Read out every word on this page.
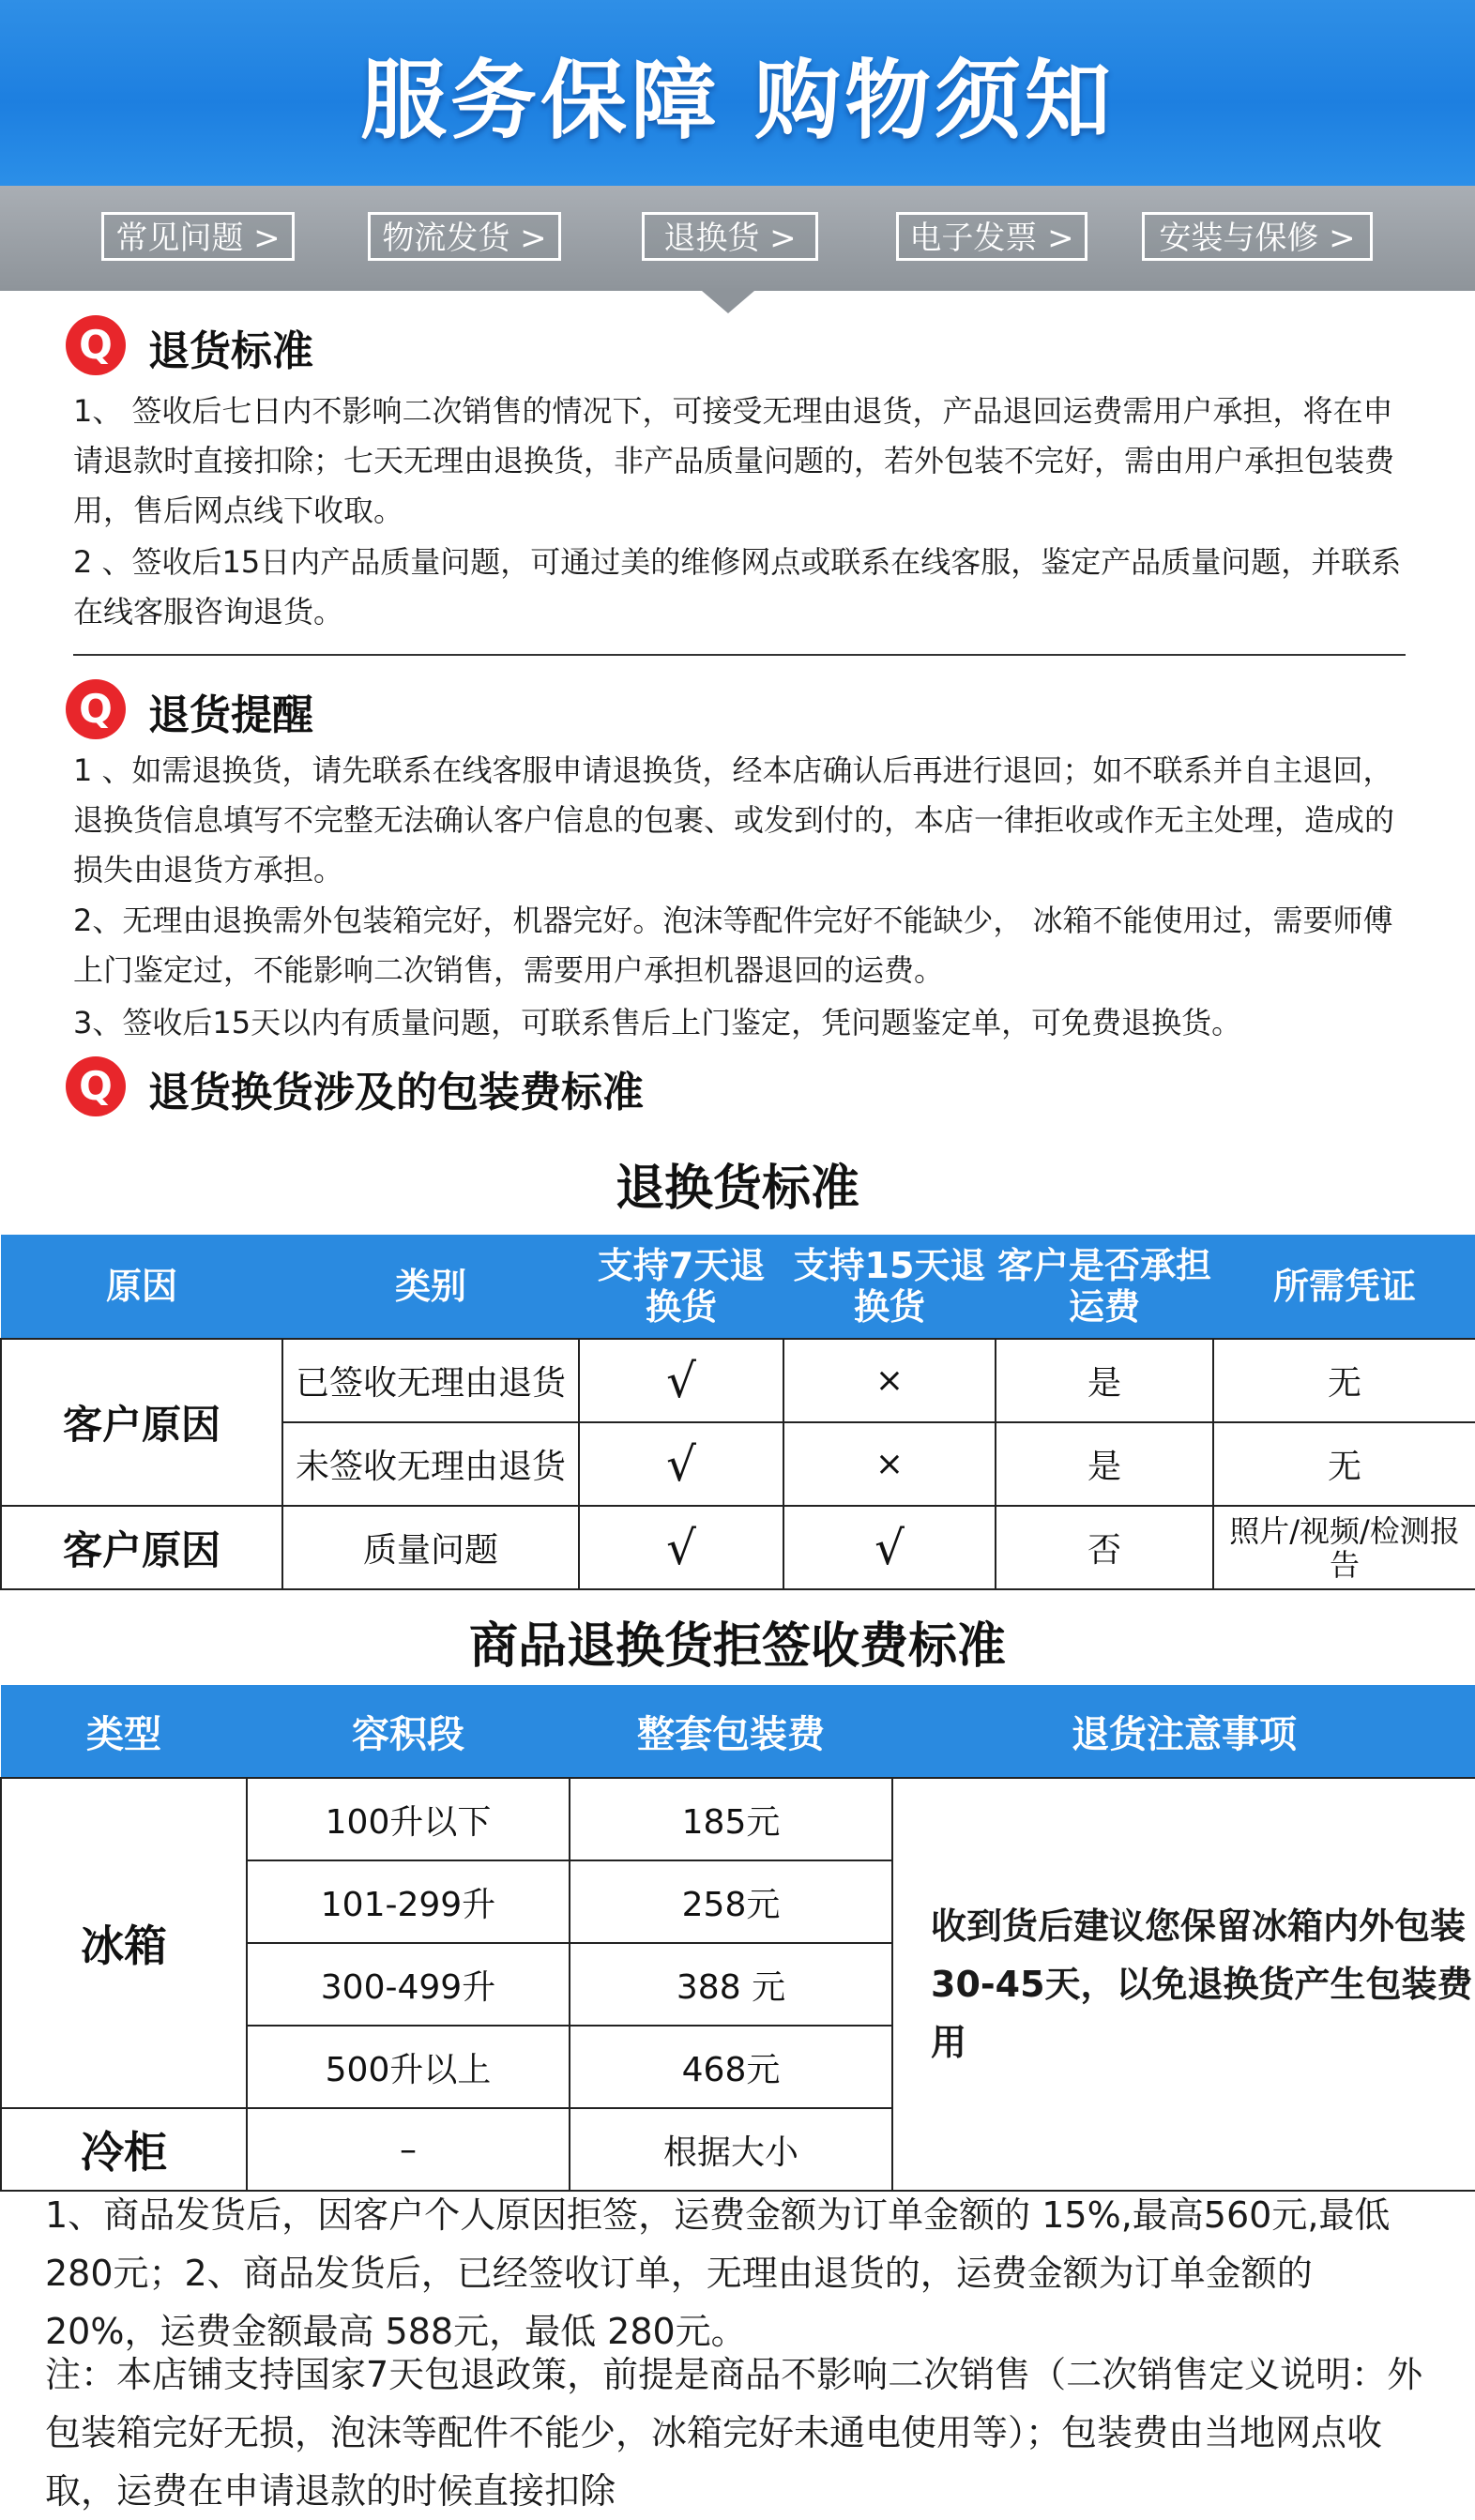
服务保障 购物须知
常见问题 >	物流发货 >	退换货 >	电子发票 >	安装与保修 >
Q 退货标准
1、 签收后七日内不影响二次销售的情况下，可接受无理由退货，产品退回运费需用户承担，将在申请退款时直接扣除；七天无理由退换货，非产品质量问题的，若外包装不完好，需由用户承担包装费用，售后网点线下收取。
2 、签收后15日内产品质量问题，可通过美的维修网点或联系在线客服，鉴定产品质量问题，并联系在线客服咨询退货。
Q 退货提醒
1 、如需退换货，请先联系在线客服申请退换货，经本店确认后再进行退回；如不联系并自主退回，退换货信息填写不完整无法确认客户信息的包裹、或发到付的，本店一律拒收或作无主处理，造成的损失由退货方承担。
2、无理由退换需外包装箱完好，机器完好。泡沫等配件完好不能缺少， 冰箱不能使用过，需要师傅上门鉴定过，不能影响二次销售，需要用户承担机器退回的运费。
3、签收后15天以内有质量问题，可联系售后上门鉴定，凭问题鉴定单，可免费退换货。
Q 退货换货涉及的包装费标准
退换货标准
原因	类别	支持7天退换货	支持15天退换货	客户是否承担运费	所需凭证
客户原因	已签收无理由退货	√	×	是	无
	未签收无理由退货	√	×	是	无
客户原因	质量问题	√	√	否	照片/视频/检测报告
商品退换货拒签收费标准
类型	容积段	整套包装费	退货注意事项
冰箱	100升以下	185元	收到货后建议您保留冰箱内外包装30-45天，以免退换货产生包装费用
	101-299升	258元	
	300-499升	388 元	
	500升以上	468元	
冷柜	–	根据大小	
1、商品发货后，因客户个人原因拒签，运费金额为订单金额的 15%,最高560元,最低280元；2、商品发货后，已经签收订单，无理由退货的，运费金额为订单金额的 20%，运费金额最高 588元，最低 280元。
注：本店铺支持国家7天包退政策，前提是商品不影响二次销售（二次销售定义说明：外包装箱完好无损，泡沫等配件不能少，冰箱完好未通电使用等）；包装费由当地网点收取，运费在申请退款的时候直接扣除
